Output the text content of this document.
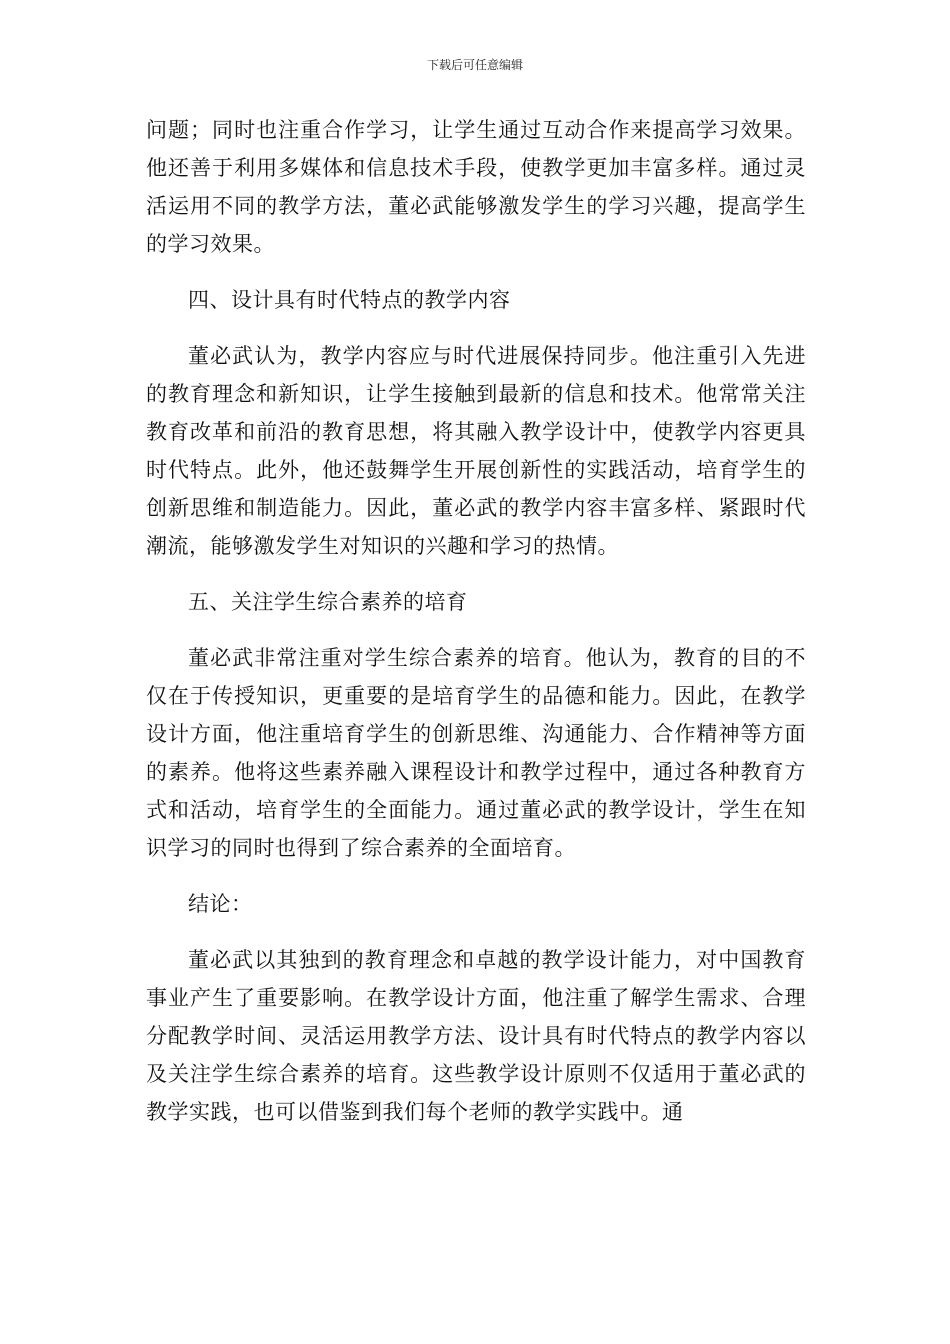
下载后可任意编辑

问题；同时也注重合作学习，让学生通过互动合作来提高学习效果。他还善于利用多媒体和信息技术手段，使教学更加丰富多样。通过灵活运用不同的教学方法，董必武能够激发学生的学习兴趣，提高学生的学习效果。

四、设计具有时代特点的教学内容

董必武认为，教学内容应与时代进展保持同步。他注重引入先进的教育理念和新知识，让学生接触到最新的信息和技术。他常常关注教育改革和前沿的教育思想，将其融入教学设计中，使教学内容更具时代特点。此外，他还鼓舞学生开展创新性的实践活动，培育学生的创新思维和制造能力。因此，董必武的教学内容丰富多样、紧跟时代潮流，能够激发学生对知识的兴趣和学习的热情。

五、关注学生综合素养的培育

董必武非常注重对学生综合素养的培育。他认为，教育的目的不仅在于传授知识，更重要的是培育学生的品德和能力。因此，在教学设计方面，他注重培育学生的创新思维、沟通能力、合作精神等方面的素养。他将这些素养融入课程设计和教学过程中，通过各种教育方式和活动，培育学生的全面能力。通过董必武的教学设计，学生在知识学习的同时也得到了综合素养的全面培育。

结论：

董必武以其独到的教育理念和卓越的教学设计能力，对中国教育事业产生了重要影响。在教学设计方面，他注重了解学生需求、合理分配教学时间、灵活运用教学方法、设计具有时代特点的教学内容以及关注学生综合素养的培育。这些教学设计原则不仅适用于董必武的教学实践，也可以借鉴到我们每个老师的教学实践中。通
